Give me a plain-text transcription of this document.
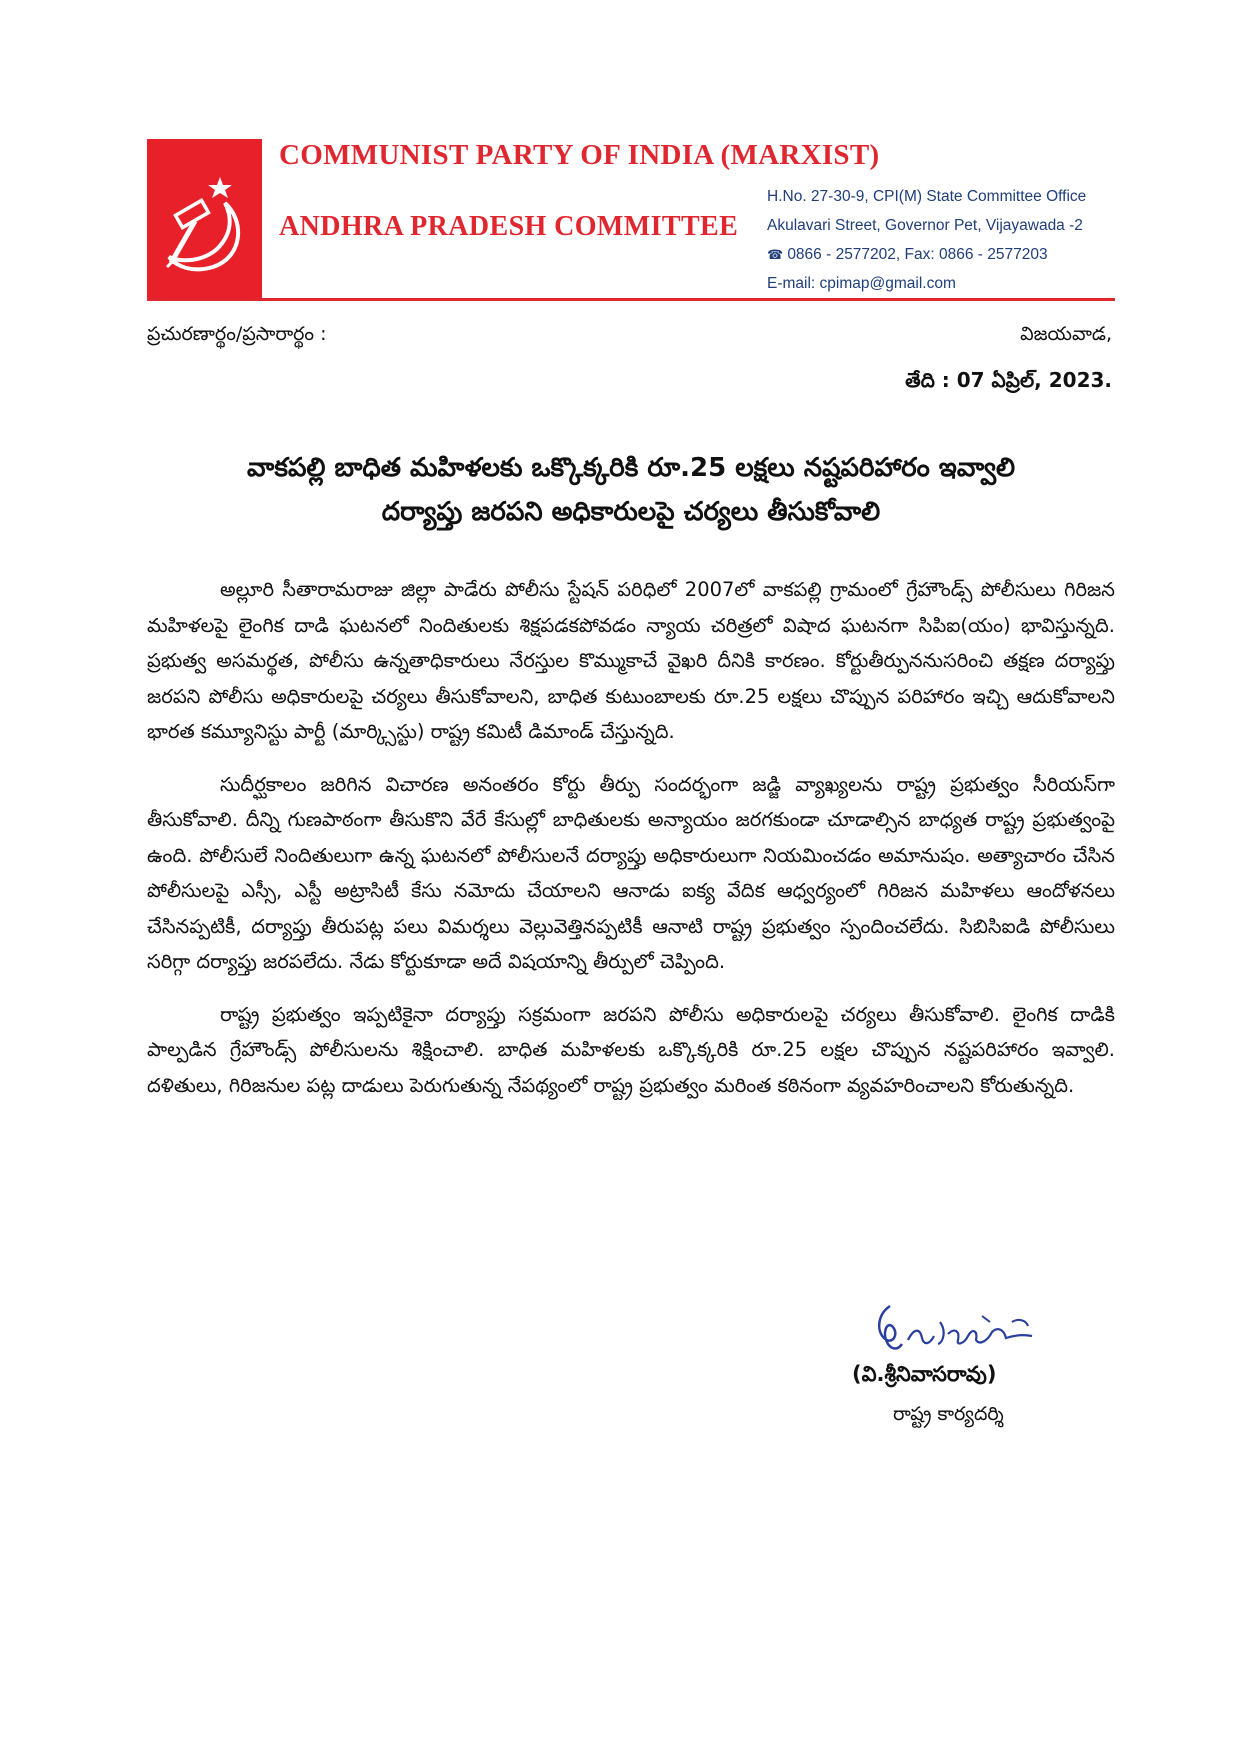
COMMUNIST PARTY OF INDIA (MARXIST)
ANDHRA PRADESH COMMITTEE
H.No. 27-30-9, CPI(M) State Committee Office
Akulavari Street, Governor Pet, Vijayawada -2
☎ 0866 - 2577202, Fax: 0866 - 2577203
E-mail: cpimap@gmail.com
ప్రచురణార్థం/ప్రసారార్థం :	విజయవాడ,
తేది : 07 ఏప్రిల్, 2023.
వాకపల్లి బాధిత మహిళలకు ఒక్కొక్కరికి రూ.25 లక్షలు నష్టపరిహారం ఇవ్వాలి
దర్యాప్తు జరపని అధికారులపై చర్యలు తీసుకోవాలి

అల్లూరి సీతారామరాజు జిల్లా పాడేరు పోలీసు స్టేషన్ పరిధిలో 2007లో వాకపల్లి గ్రామంలో గ్రేహౌండ్స్ పోలీసులు గిరిజన మహిళలపై లైంగిక దాడి ఘటనలో నిందితులకు శిక్షపడకపోవడం న్యాయ చరిత్రలో విషాద ఘటనగా సిపిఐ(యం) భావిస్తున్నది. ప్రభుత్వ అసమర్థత, పోలీసు ఉన్నతాధికారులు నేరస్తుల కొమ్ముకాచే వైఖరి దీనికి కారణం. కోర్టుతీర్పుననుసరించి తక్షణ దర్యాప్తు జరపని పోలీసు అధికారులపై చర్యలు తీసుకోవాలని, బాధిత కుటుంబాలకు రూ.25 లక్షలు చొప్పున పరిహారం ఇచ్చి ఆదుకోవాలని భారత కమ్యూనిస్టు పార్టీ (మార్క్సిస్టు) రాష్ట్ర కమిటీ డిమాండ్ చేస్తున్నది.

సుదీర్ఘకాలం జరిగిన విచారణ అనంతరం కోర్టు తీర్పు సందర్భంగా జడ్జి వ్యాఖ్యలను రాష్ట్ర ప్రభుత్వం సీరియస్‌గా తీసుకోవాలి. దీన్ని గుణపాఠంగా తీసుకొని వేరే కేసుల్లో బాధితులకు అన్యాయం జరగకుండా చూడాల్సిన బాధ్యత రాష్ట్ర ప్రభుత్వంపై ఉంది. పోలీసులే నిందితులుగా ఉన్న ఘటనలో పోలీసులనే దర్యాప్తు అధికారులుగా నియమించడం అమానుషం. అత్యాచారం చేసిన పోలీసులపై ఎస్సీ, ఎస్టీ అట్రాసిటీ కేసు నమోదు చేయాలని ఆనాడు ఐక్య వేదిక ఆధ్వర్యంలో గిరిజన మహిళలు ఆందోళనలు చేసినప్పటికీ, దర్యాప్తు తీరుపట్ల పలు విమర్శలు వెల్లువెత్తినప్పటికీ ఆనాటి రాష్ట్ర ప్రభుత్వం స్పందించలేదు. సిబిసిఐడి పోలీసులు సరిగ్గా దర్యాప్తు జరపలేదు. నేడు కోర్టుకూడా అదే విషయాన్ని తీర్పులో చెప్పింది.

రాష్ట్ర ప్రభుత్వం ఇప్పటికైనా దర్యాప్తు సక్రమంగా జరపని పోలీసు అధికారులపై చర్యలు తీసుకోవాలి. లైంగిక దాడికి పాల్పడిన గ్రేహౌండ్స్ పోలీసులను శిక్షించాలి. బాధిత మహిళలకు ఒక్కొక్కరికి రూ.25 లక్షల చొప్పున నష్టపరిహారం ఇవ్వాలి. దళితులు, గిరిజనుల పట్ల దాడులు పెరుగుతున్న నేపథ్యంలో రాష్ట్ర ప్రభుత్వం మరింత కఠినంగా వ్యవహరించాలని కోరుతున్నది.

(వి.శ్రీనివాసరావు)
రాష్ట్ర కార్యదర్శి
